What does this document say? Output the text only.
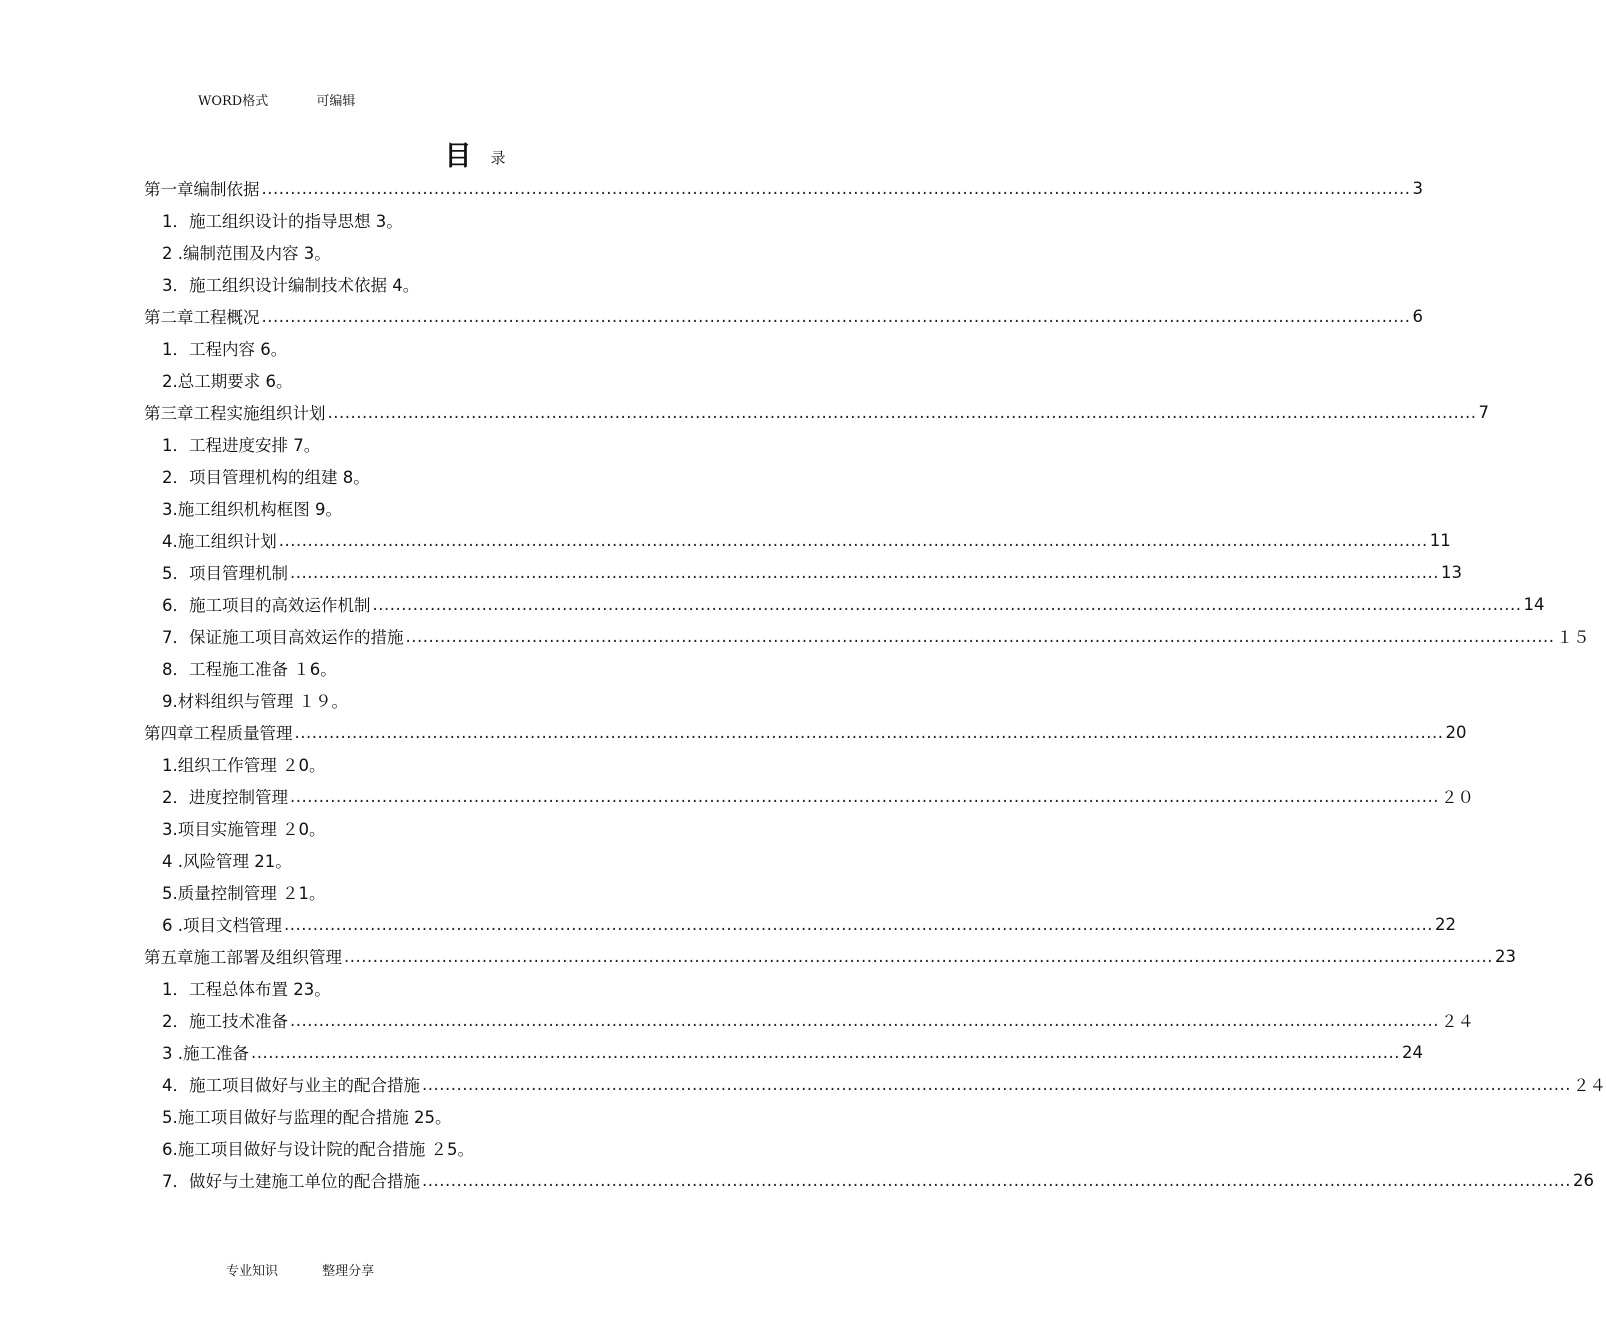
WORD格式	可编辑
目 录
第一章 编制依据 ........................................................................................................................................................................................................ 3
1．施工组织设计的指导思想 3。
2 .编制范围及内容 3。
3．施工组织设计编制技术依据 4。
第二章 工程概况 ........................................................................................................................................................................................................ 6
1．工程内容 6。
2.总工期要求 6。
第三章 工程实施组织计划 ........................................................................................................................................................................................................ 7
1．工程进度安排 7。
2．项目管理机构的组建 8。
3.施工组织机构框图 9。
4.施工组织计划 ........................................................................................................................................................................................................ 11
5．项目管理机制 ........................................................................................................................................................................................................ 13
6．施工项目的高效运作机制 ........................................................................................................................................................................................................ 14
7．保证施工项目高效运作的措施 ........................................................................................................................................................................................................ １５
8．工程施工准备 １6。
9.材料组织与管理 １９。
第四章 工程质量管理 ........................................................................................................................................................................................................ 20
1.组织工作管理 ２0。
2．进度控制管理 ........................................................................................................................................................................................................ ２０
3.项目实施管理 ２0。
4 .风险管理 21。
5.质量控制管理 ２1。
6 .项目文档管理 ........................................................................................................................................................................................................ 22
第五章 施工部署及组织管理 ........................................................................................................................................................................................................ 23
1．工程总体布置 23。
2．施工技术准备 ........................................................................................................................................................................................................ ２４
3 .施工准备 ........................................................................................................................................................................................................ 24
4．施工项目做好与业主的配合措施 ........................................................................................................................................................................................................ ２４
5.施工项目做好与监理的配合措施 25。
6.施工项目做好与设计院的配合措施 ２5。
7．做好与土建施工单位的配合措施 ........................................................................................................................................................................................................ 26
专业知识	整理分享
